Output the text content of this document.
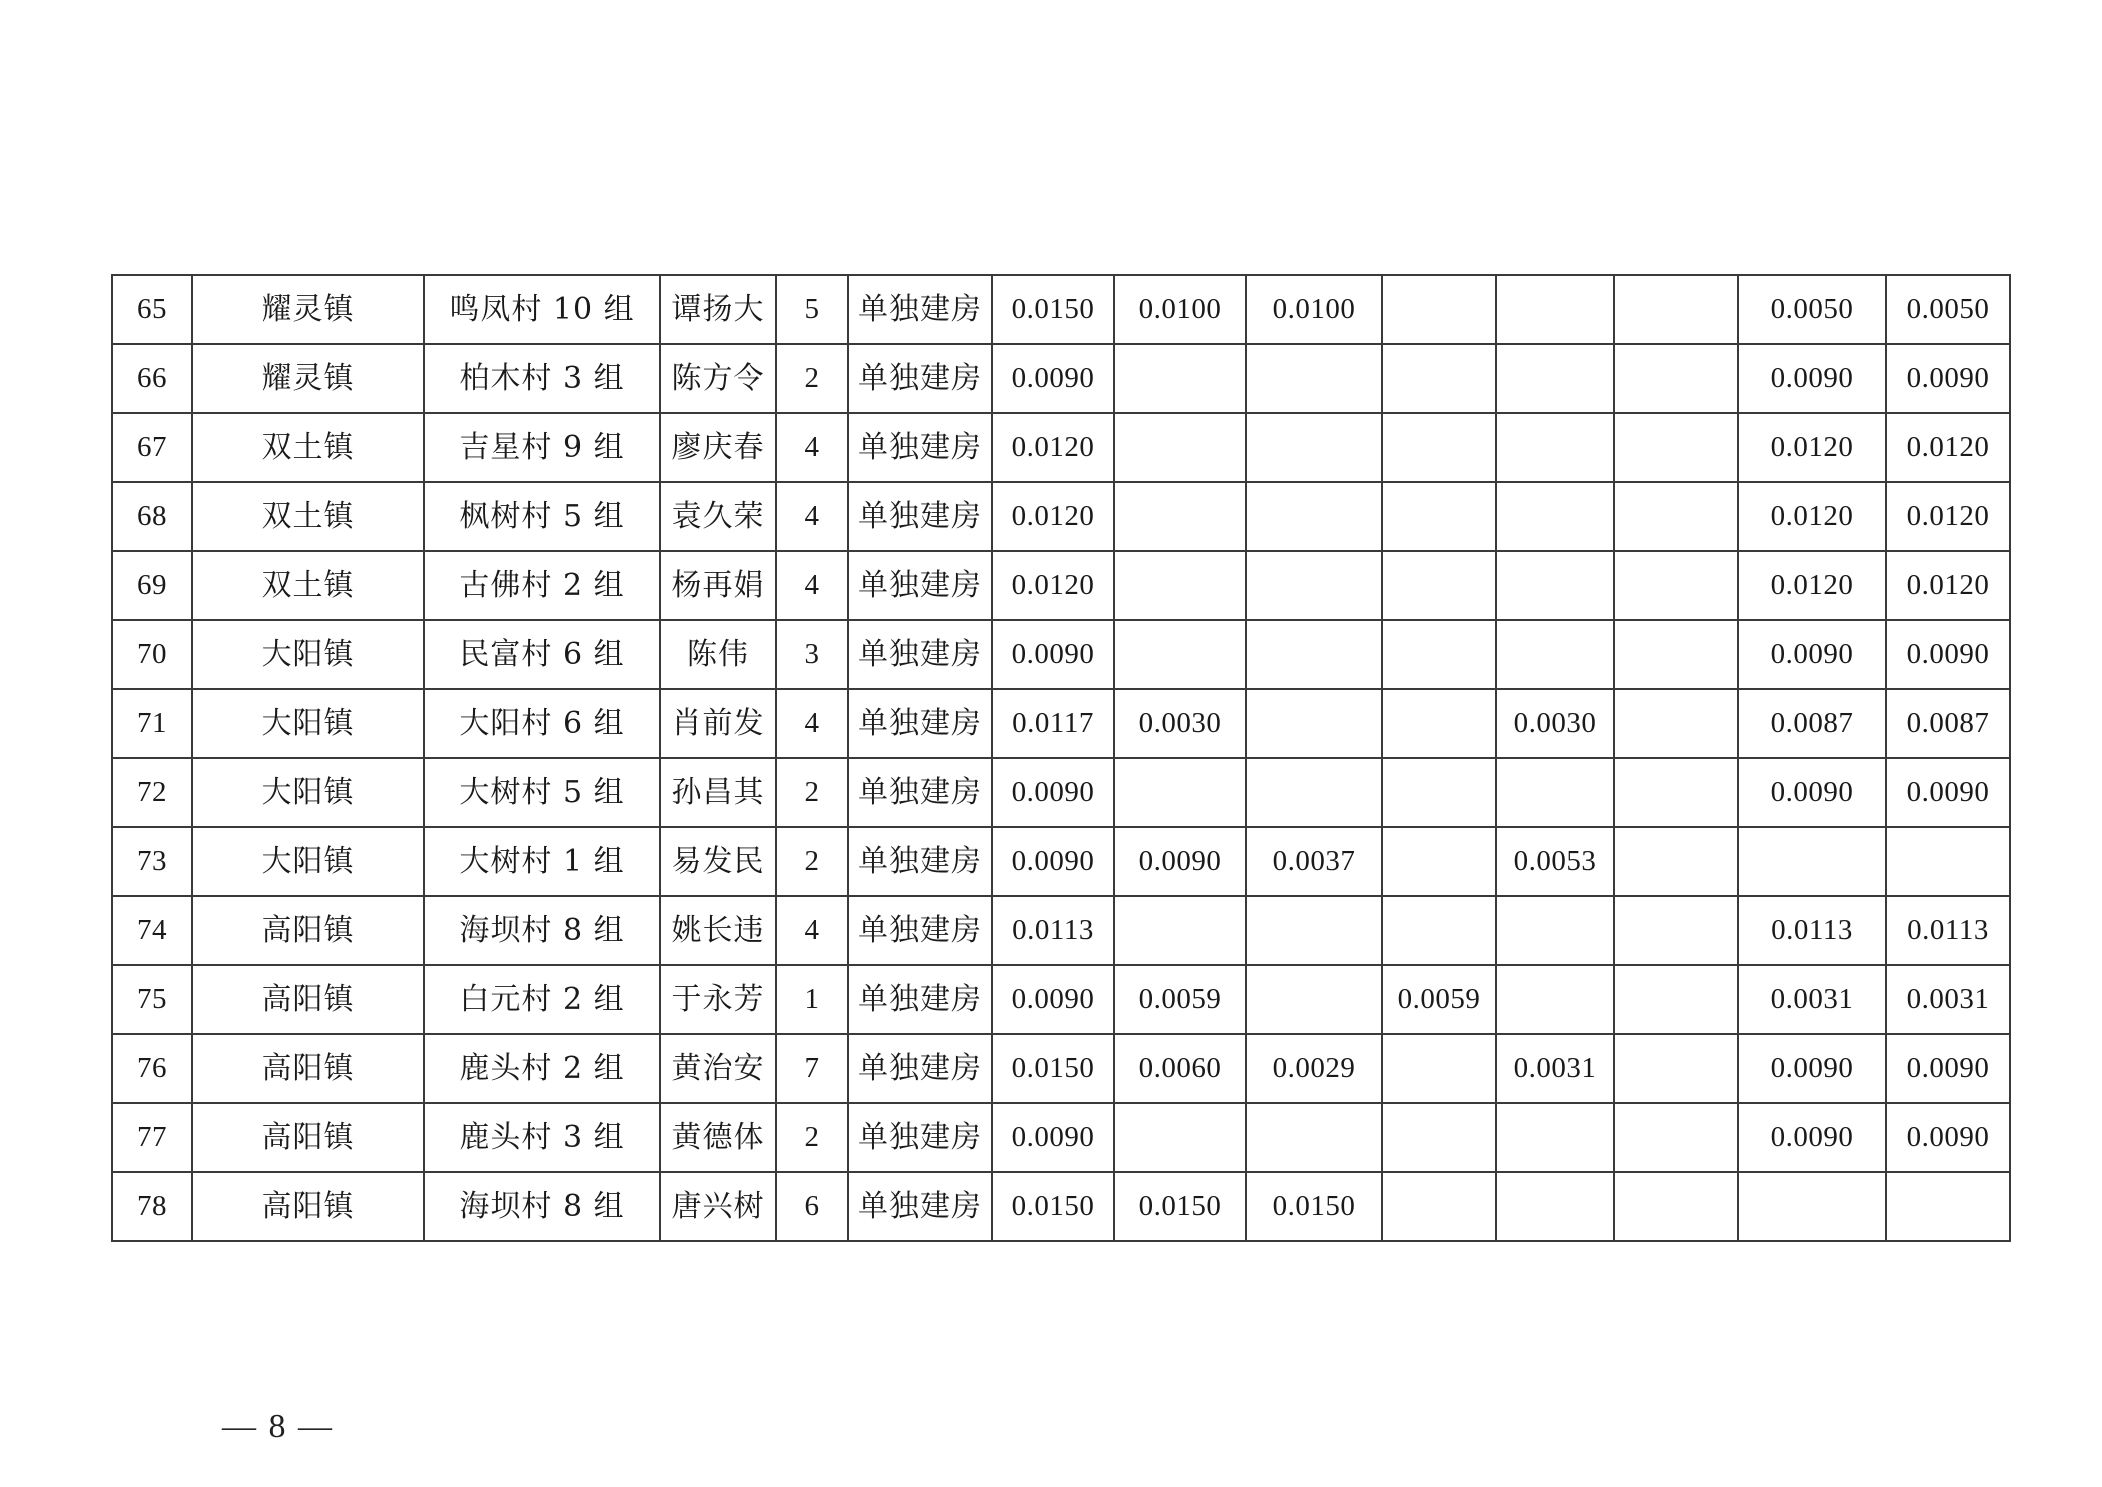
65	耀灵镇	鸣凤村 10 组	谭扬大	5	单独建房	0.0150	0.0100	0.0100				0.0050	0.0050
66	耀灵镇	柏木村 3 组	陈方令	2	单独建房	0.0090						0.0090	0.0090
67	双土镇	吉星村 9 组	廖庆春	4	单独建房	0.0120						0.0120	0.0120
68	双土镇	枫树村 5 组	袁久荣	4	单独建房	0.0120						0.0120	0.0120
69	双土镇	古佛村 2 组	杨再娟	4	单独建房	0.0120						0.0120	0.0120
70	大阳镇	民富村 6 组	陈伟	3	单独建房	0.0090						0.0090	0.0090
71	大阳镇	大阳村 6 组	肖前发	4	单独建房	0.0117	0.0030			0.0030		0.0087	0.0087
72	大阳镇	大树村 5 组	孙昌其	2	单独建房	0.0090						0.0090	0.0090
73	大阳镇	大树村 1 组	易发民	2	单独建房	0.0090	0.0090	0.0037		0.0053			
74	高阳镇	海坝村 8 组	姚长违	4	单独建房	0.0113						0.0113	0.0113
75	高阳镇	白元村 2 组	于永芳	1	单独建房	0.0090	0.0059		0.0059			0.0031	0.0031
76	高阳镇	鹿头村 2 组	黄治安	7	单独建房	0.0150	0.0060	0.0029		0.0031		0.0090	0.0090
77	高阳镇	鹿头村 3 组	黄德体	2	单独建房	0.0090						0.0090	0.0090
78	高阳镇	海坝村 8 组	唐兴树	6	单独建房	0.0150	0.0150	0.0150					
— 8 —
